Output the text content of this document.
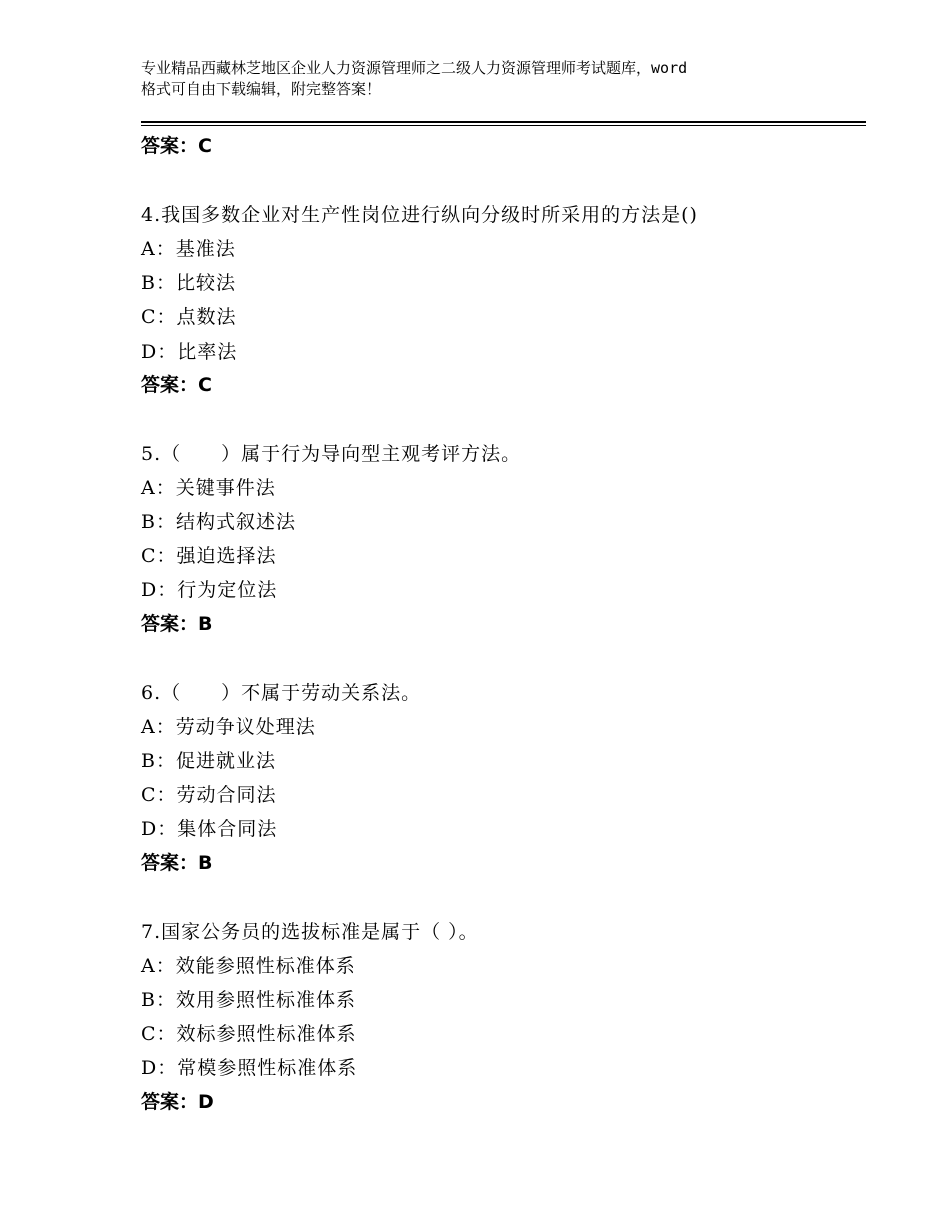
专业精品西藏林芝地区企业人力资源管理师之二级人力资源管理师考试题库，word
格式可自由下载编辑，附完整答案！
答案：C
4.我国多数企业对生产性岗位进行纵向分级时所采用的方法是()
A：基准法
B：比较法
C：点数法
D：比率法
答案：C
5.（　　）属于行为导向型主观考评方法。
A：关键事件法
B：结构式叙述法
C：强迫选择法
D：行为定位法
答案：B
6.（　　）不属于劳动关系法。
A：劳动争议处理法
B：促进就业法
C：劳动合同法
D：集体合同法
答案：B
7.国家公务员的选拔标准是属于（ ）。
A：效能参照性标准体系
B：效用参照性标准体系
C：效标参照性标准体系
D：常模参照性标准体系
答案：D
